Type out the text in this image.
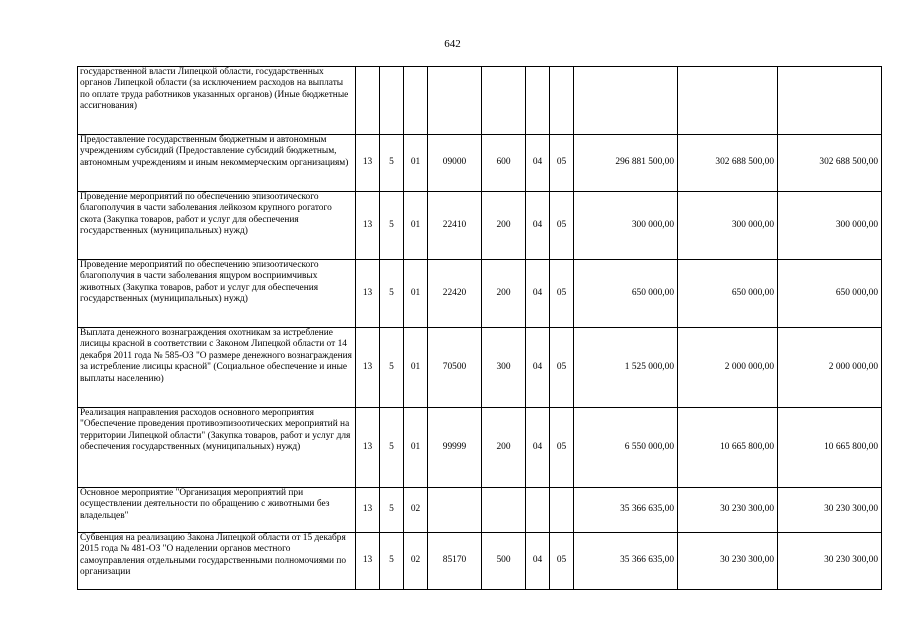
642
государственной власти Липецкой области, государственных органов Липецкой области (за исключением расходов на выплаты по оплате труда работников указанных органов) (Иные бюджетные ассигнования)										
Предоставление государственным бюджетным и автономным учреждениям субсидий (Предоставление субсидий бюджетным, автономным учреждениям и иным некоммерческим организациям)	13	5	01	09000	600	04	05	296 881 500,00	302 688 500,00	302 688 500,00
Проведение мероприятий по обеспечению эпизоотического благополучия в части заболевания лейкозом крупного рогатого скота (Закупка товаров, работ и услуг для обеспечения государственных (муниципальных) нужд)	13	5	01	22410	200	04	05	300 000,00	300 000,00	300 000,00
Проведение мероприятий по обеспечению эпизоотического благополучия в части заболевания ящуром восприимчивых животных (Закупка товаров, работ и услуг для обеспечения государственных (муниципальных) нужд)	13	5	01	22420	200	04	05	650 000,00	650 000,00	650 000,00
Выплата денежного вознаграждения охотникам за истребление лисицы красной в соответствии с Законом Липецкой области от 14 декабря 2011 года № 585-ОЗ "О размере денежного вознаграждения за истребление лисицы красной" (Социальное обеспечение и иные выплаты населению)	13	5	01	70500	300	04	05	1 525 000,00	2 000 000,00	2 000 000,00
Реализация направления расходов основного мероприятия "Обеспечение проведения противоэпизоотических мероприятий на территории Липецкой области" (Закупка товаров, работ и услуг для обеспечения государственных (муниципальных) нужд)	13	5	01	99999	200	04	05	6 550 000,00	10 665 800,00	10 665 800,00
Основное мероприятие "Организация мероприятий при осуществлении деятельности по обращению с животными без владельцев"	13	5	02					35 366 635,00	30 230 300,00	30 230 300,00
Субвенция на реализацию Закона Липецкой области от 15 декабря 2015 года № 481-ОЗ "О наделении органов местного самоуправления отдельными государственными полномочиями по организации	13	5	02	85170	500	04	05	35 366 635,00	30 230 300,00	30 230 300,00
